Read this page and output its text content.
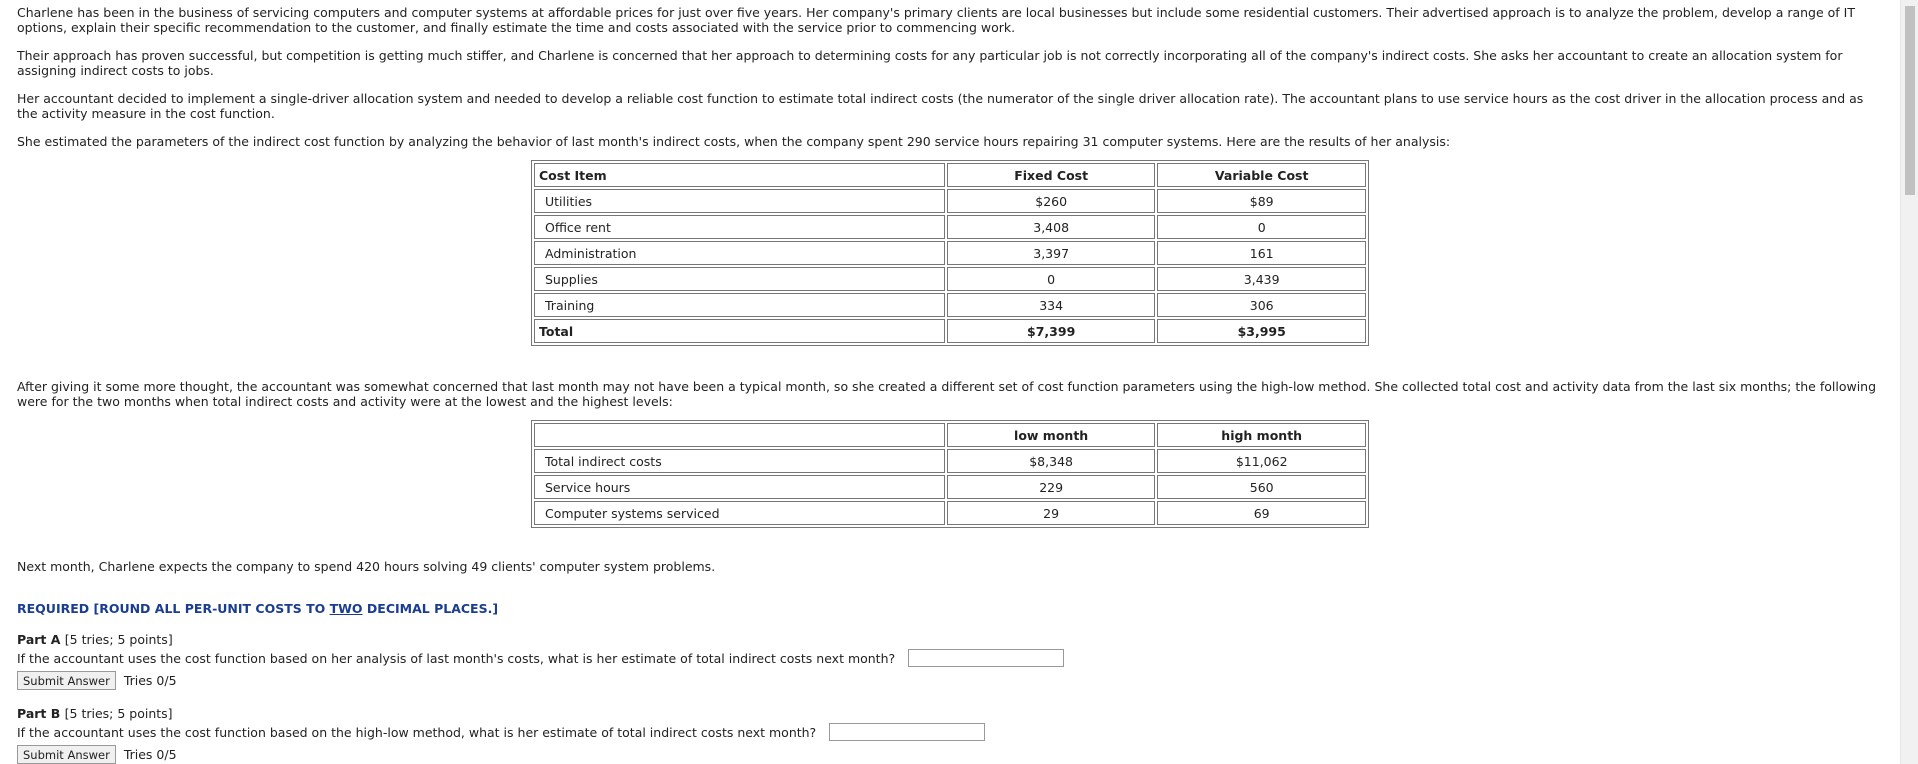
Charlene has been in the business of servicing computers and computer systems at affordable prices for just over five years. Her company's primary clients are local businesses but include some residential customers. Their advertised approach is to analyze the problem, develop a range of IT options, explain their specific recommendation to the customer, and finally estimate the time and costs associated with the service prior to commencing work.

Their approach has proven successful, but competition is getting much stiffer, and Charlene is concerned that her approach to determining costs for any particular job is not correctly incorporating all of the company's indirect costs. She asks her accountant to create an allocation system for assigning indirect costs to jobs.

Her accountant decided to implement a single-driver allocation system and needed to develop a reliable cost function to estimate total indirect costs (the numerator of the single driver allocation rate). The accountant plans to use service hours as the cost driver in the allocation process and as the activity measure in the cost function.

She estimated the parameters of the indirect cost function by analyzing the behavior of last month's indirect costs, when the company spent 290 service hours repairing 31 computer systems. Here are the results of her analysis:

Cost Item	Fixed Cost	Variable Cost
Utilities	$260	$89
Office rent	3,408	0
Administration	3,397	161
Supplies	0	3,439
Training	334	306
Total	$7,399	$3,995

After giving it some more thought, the accountant was somewhat concerned that last month may not have been a typical month, so she created a different set of cost function parameters using the high-low method. She collected total cost and activity data from the last six months; the following were for the two months when total indirect costs and activity were at the lowest and the highest levels:

	low month	high month
Total indirect costs	$8,348	$11,062
Service hours	229	560
Computer systems serviced	29	69

Next month, Charlene expects the company to spend 420 hours solving 49 clients' computer system problems.

REQUIRED [ROUND ALL PER-UNIT COSTS TO TWO DECIMAL PLACES.]
Part A [5 tries; 5 points]
If the accountant uses the cost function based on her analysis of last month's costs, what is her estimate of total indirect costs next month?
Submit Answer	Tries 0/5
Part B [5 tries; 5 points]
If the accountant uses the cost function based on the high-low method, what is her estimate of total indirect costs next month?
Submit Answer	Tries 0/5
